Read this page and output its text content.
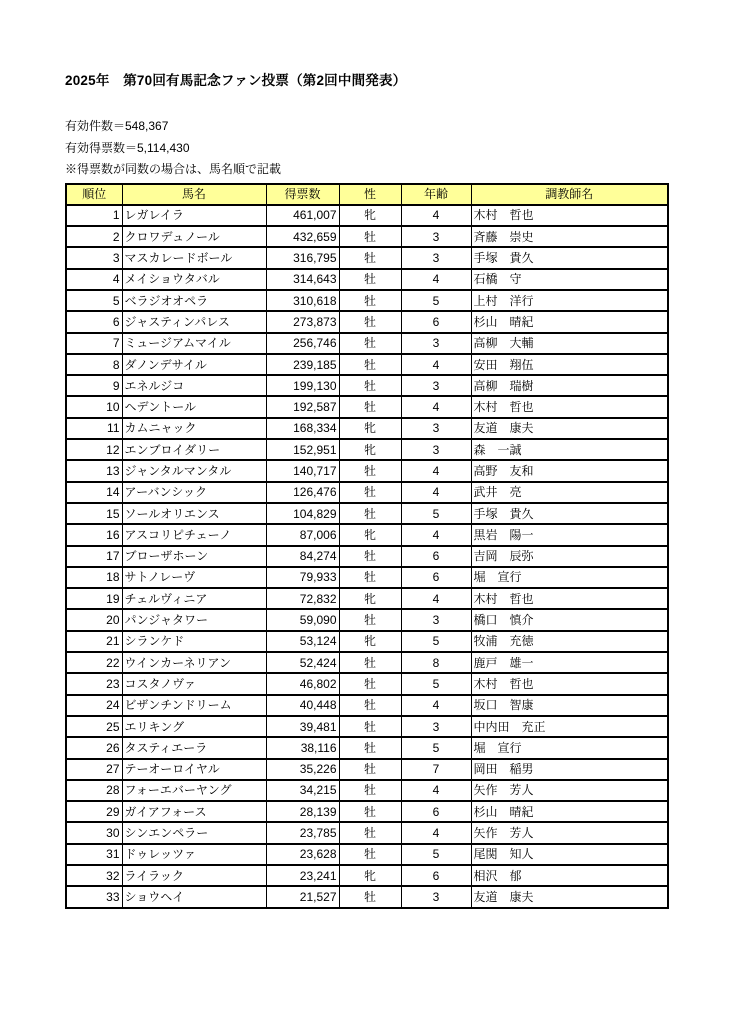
2025年　第70回有馬記念ファン投票（第2回中間発表）

有効件数＝548,367

有効得票数＝5,114,430

※得票数が同数の場合は、馬名順で記載

順位	馬名	得票数	性	年齢	調教師名
1	レガレイラ	461,007	牝	4	木村　哲也
2	クロワデュノール	432,659	牡	3	斉藤　崇史
3	マスカレードボール	316,795	牡	3	手塚　貴久
4	メイショウタバル	314,643	牡	4	石橋　守
5	ベラジオオペラ	310,618	牡	5	上村　洋行
6	ジャスティンパレス	273,873	牡	6	杉山　晴紀
7	ミュージアムマイル	256,746	牡	3	高柳　大輔
8	ダノンデサイル	239,185	牡	4	安田　翔伍
9	エネルジコ	199,130	牡	3	高柳　瑞樹
10	ヘデントール	192,587	牡	4	木村　哲也
11	カムニャック	168,334	牝	3	友道　康夫
12	エンブロイダリー	152,951	牝	3	森　一誠
13	ジャンタルマンタル	140,717	牡	4	高野　友和
14	アーバンシック	126,476	牡	4	武井　亮
15	ソールオリエンス	104,829	牡	5	手塚　貴久
16	アスコリピチェーノ	87,006	牝	4	黒岩　陽一
17	ブローザホーン	84,274	牡	6	吉岡　辰弥
18	サトノレーヴ	79,933	牡	6	堀　宣行
19	チェルヴィニア	72,832	牝	4	木村　哲也
20	パンジャタワー	59,090	牡	3	橋口　慎介
21	シランケド	53,124	牝	5	牧浦　充徳
22	ウインカーネリアン	52,424	牡	8	鹿戸　雄一
23	コスタノヴァ	46,802	牡	5	木村　哲也
24	ビザンチンドリーム	40,448	牡	4	坂口　智康
25	エリキング	39,481	牡	3	中内田　充正
26	タスティエーラ	38,116	牡	5	堀　宣行
27	テーオーロイヤル	35,226	牡	7	岡田　稲男
28	フォーエバーヤング	34,215	牡	4	矢作　芳人
29	ガイアフォース	28,139	牡	6	杉山　晴紀
30	シンエンペラー	23,785	牡	4	矢作　芳人
31	ドゥレッツァ	23,628	牡	5	尾関　知人
32	ライラック	23,241	牝	6	相沢　郁
33	ショウヘイ	21,527	牡	3	友道　康夫
